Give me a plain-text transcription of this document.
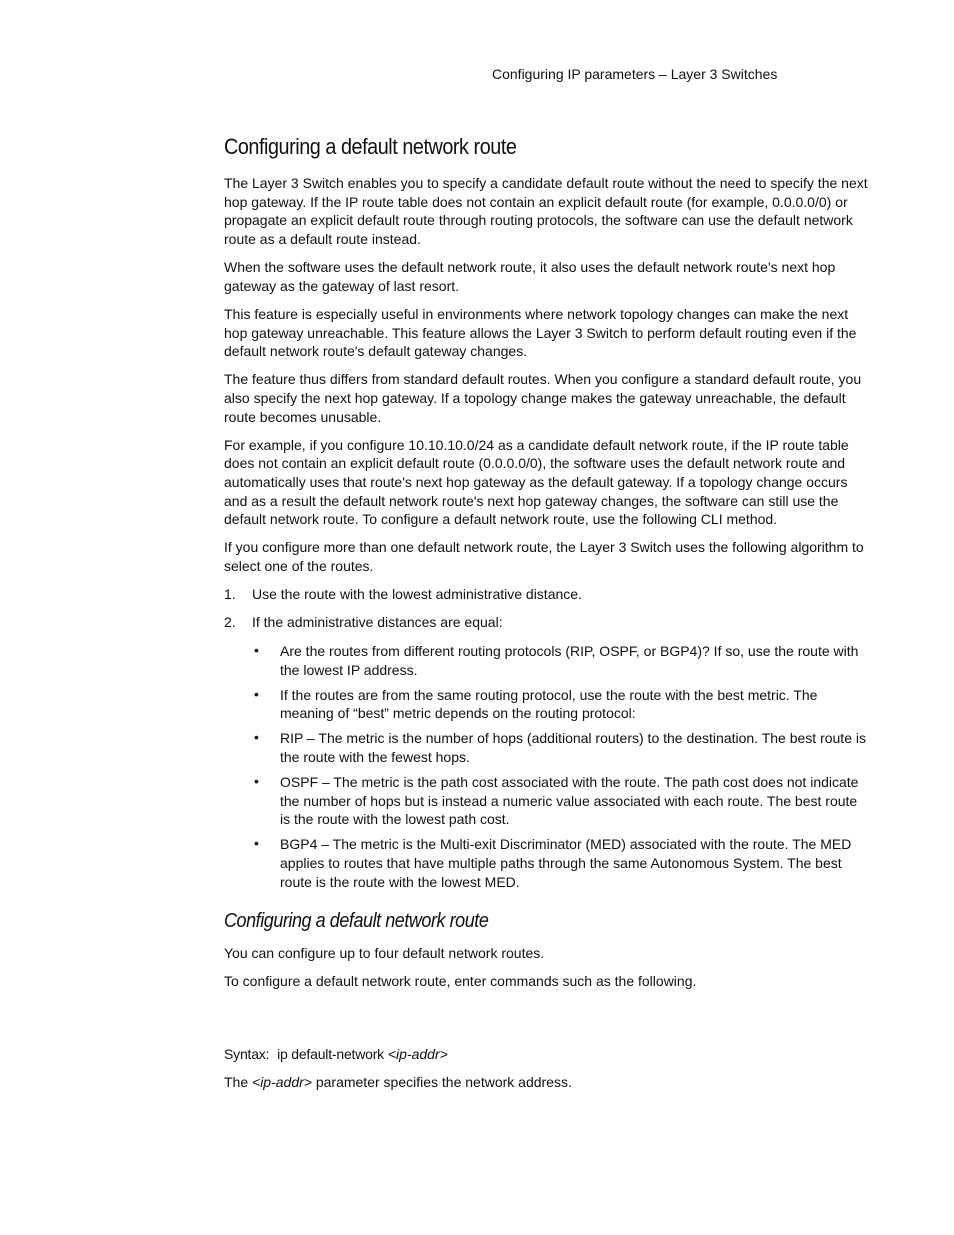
Configuring IP parameters – Layer 3 Switches
Configuring a default network route

The Layer 3 Switch enables you to specify a candidate default route without the need to specify the next hop gateway. If the IP route table does not contain an explicit default route (for example, 0.0.0.0/0) or propagate an explicit default route through routing protocols, the software can use the default network route as a default route instead.

When the software uses the default network route, it also uses the default network route's next hop gateway as the gateway of last resort.

This feature is especially useful in environments where network topology changes can make the next hop gateway unreachable. This feature allows the Layer 3 Switch to perform default routing even if the default network route's default gateway changes.

The feature thus differs from standard default routes. When you configure a standard default route, you also specify the next hop gateway. If a topology change makes the gateway unreachable, the default route becomes unusable.

For example, if you configure 10.10.10.0/24 as a candidate default network route, if the IP route table does not contain an explicit default route (0.0.0.0/0), the software uses the default network route and automatically uses that route's next hop gateway as the default gateway. If a topology change occurs and as a result the default network route's next hop gateway changes, the software can still use the default network route. To configure a default network route, use the following CLI method.

If you configure more than one default network route, the Layer 3 Switch uses the following algorithm to select one of the routes.

1. Use the route with the lowest administrative distance.
2. If the administrative distances are equal:
• Are the routes from different routing protocols (RIP, OSPF, or BGP4)? If so, use the route with the lowest IP address.
• If the routes are from the same routing protocol, use the route with the best metric. The meaning of “best” metric depends on the routing protocol:
• RIP – The metric is the number of hops (additional routers) to the destination. The best route is the route with the fewest hops.
• OSPF – The metric is the path cost associated with the route. The path cost does not indicate the number of hops but is instead a numeric value associated with each route. The best route is the route with the lowest path cost.
• BGP4 – The metric is the Multi-exit Discriminator (MED) associated with the route. The MED applies to routes that have multiple paths through the same Autonomous System. The best route is the route with the lowest MED.
Configuring a default network route

You can configure up to four default network routes.

To configure a default network route, enter commands such as the following.

Syntax: ip default-network <ip-addr>

The <ip-addr> parameter specifies the network address.
